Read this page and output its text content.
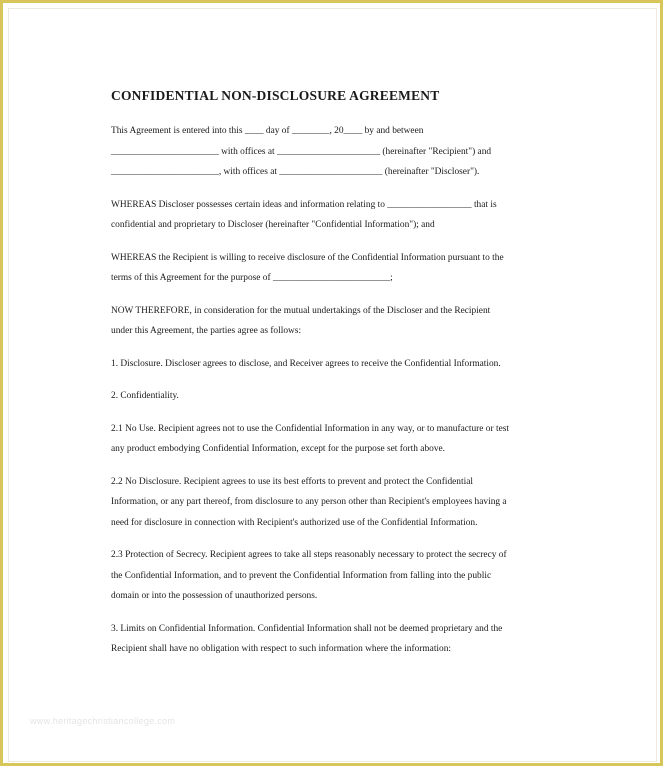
CONFIDENTIAL NON-DISCLOSURE AGREEMENT
This Agreement is entered into this ____ day of ________, 20____ by and between
_______________________ with offices at ______________________ (hereinafter "Recipient") and
_______________________, with offices at ______________________ (hereinafter "Discloser").
WHEREAS Discloser possesses certain ideas and information relating to __________________ that is
confidential and proprietary to Discloser (hereinafter "Confidential Information"); and
WHEREAS the Recipient is willing to receive disclosure of the Confidential Information pursuant to the
terms of this Agreement for the purpose of _________________________;
NOW THEREFORE, in consideration for the mutual undertakings of the Discloser and the Recipient
under this Agreement, the parties agree as follows:
1. Disclosure. Discloser agrees to disclose, and Receiver agrees to receive the Confidential Information.
2. Confidentiality.
2.1 No Use. Recipient agrees not to use the Confidential Information in any way, or to manufacture or test
any product embodying Confidential Information, except for the purpose set forth above.
2.2 No Disclosure. Recipient agrees to use its best efforts to prevent and protect the Confidential
Information, or any part thereof, from disclosure to any person other than Recipient's employees having a
need for disclosure in connection with Recipient's authorized use of the Confidential Information.
2.3 Protection of Secrecy. Recipient agrees to take all steps reasonably necessary to protect the secrecy of
the Confidential Information, and to prevent the Confidential Information from falling into the public
domain or into the possession of unauthorized persons.
3. Limits on Confidential Information. Confidential Information shall not be deemed proprietary and the
Recipient shall have no obligation with respect to such information where the information:
www.heritagechristiancollege.com
